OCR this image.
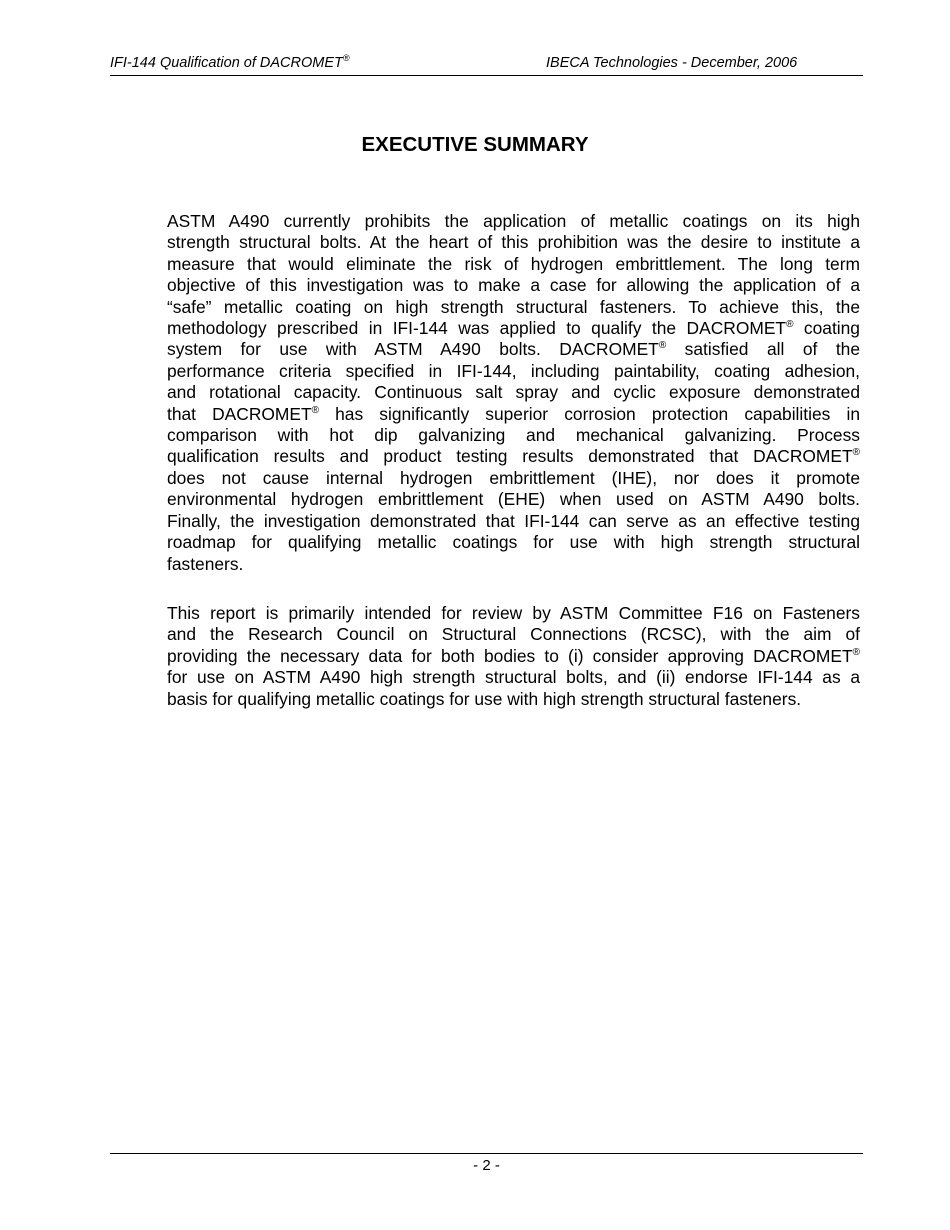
IFI-144 Qualification of DACROMET®	IBECA Technologies - December, 2006
EXECUTIVE SUMMARY
ASTM A490 currently prohibits the application of metallic coatings on its high
strength structural bolts. At the heart of this prohibition was the desire to institute a
measure that would eliminate the risk of hydrogen embrittlement. The long term
objective of this investigation was to make a case for allowing the application of a
“safe” metallic coating on high strength structural fasteners. To achieve this, the
methodology prescribed in IFI-144 was applied to qualify the DACROMET® coating
system for use with ASTM A490 bolts. DACROMET® satisfied all of the
performance criteria specified in IFI-144, including paintability, coating adhesion,
and rotational capacity. Continuous salt spray and cyclic exposure demonstrated
that DACROMET® has significantly superior corrosion protection capabilities in
comparison with hot dip galvanizing and mechanical galvanizing. Process
qualification results and product testing results demonstrated that DACROMET®
does not cause internal hydrogen embrittlement (IHE), nor does it promote
environmental hydrogen embrittlement (EHE) when used on ASTM A490 bolts.
Finally, the investigation demonstrated that IFI-144 can serve as an effective testing
roadmap for qualifying metallic coatings for use with high strength structural
fasteners.
This report is primarily intended for review by ASTM Committee F16 on Fasteners
and the Research Council on Structural Connections (RCSC), with the aim of
providing the necessary data for both bodies to (i) consider approving DACROMET®
for use on ASTM A490 high strength structural bolts, and (ii) endorse IFI-144 as a
basis for qualifying metallic coatings for use with high strength structural fasteners.
- 2 -
